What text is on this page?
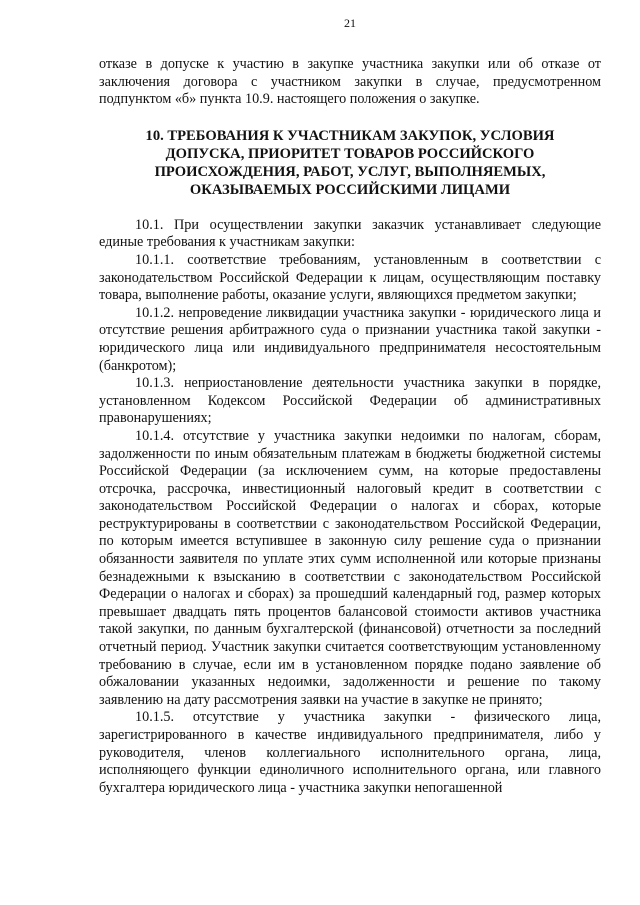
21

отказе в допуске к участию в закупке участника закупки или об отказе от заключения договора с участником закупки в случае, предусмотренном подпунктом «б» пункта 10.9. настоящего положения о закупке.

10. ТРЕБОВАНИЯ К УЧАСТНИКАМ ЗАКУПОК, УСЛОВИЯ ДОПУСКА, ПРИОРИТЕТ ТОВАРОВ РОССИЙСКОГО ПРОИСХОЖДЕНИЯ, РАБОТ, УСЛУГ, ВЫПОЛНЯЕМЫХ, ОКАЗЫВАЕМЫХ РОССИЙСКИМИ ЛИЦАМИ

10.1. При осуществлении закупки заказчик устанавливает следующие единые требования к участникам закупки:

10.1.1. соответствие требованиям, установленным в соответствии с законодательством Российской Федерации к лицам, осуществляющим поставку товара, выполнение работы, оказание услуги, являющихся предметом закупки;

10.1.2. непроведение ликвидации участника закупки - юридического лица и отсутствие решения арбитражного суда о признании участника такой закупки - юридического лица или индивидуального предпринимателя несостоятельным (банкротом);

10.1.3. неприостановление деятельности участника закупки в порядке, установленном Кодексом Российской Федерации об административных правонарушениях;

10.1.4. отсутствие у участника закупки недоимки по налогам, сборам, задолженности по иным обязательным платежам в бюджеты бюджетной системы Российской Федерации (за исключением сумм, на которые предоставлены отсрочка, рассрочка, инвестиционный налоговый кредит в соответствии с законодательством Российской Федерации о налогах и сборах, которые реструктурированы в соответствии с законодательством Российской Федерации, по которым имеется вступившее в законную силу решение суда о признании обязанности заявителя по уплате этих сумм исполненной или которые признаны безнадежными к взысканию в соответствии с законодательством Российской Федерации о налогах и сборах) за прошедший календарный год, размер которых превышает двадцать пять процентов балансовой стоимости активов участника такой закупки, по данным бухгалтерской (финансовой) отчетности за последний отчетный период. Участник закупки считается соответствующим установленному требованию в случае, если им в установленном порядке подано заявление об обжаловании указанных недоимки, задолженности и решение по такому заявлению на дату рассмотрения заявки на участие в закупке не принято;

10.1.5. отсутствие у участника закупки - физического лица, зарегистрированного в качестве индивидуального предпринимателя, либо у руководителя, членов коллегиального исполнительного органа, лица, исполняющего функции единоличного исполнительного органа, или главного бухгалтера юридического лица - участника закупки непогашенной
